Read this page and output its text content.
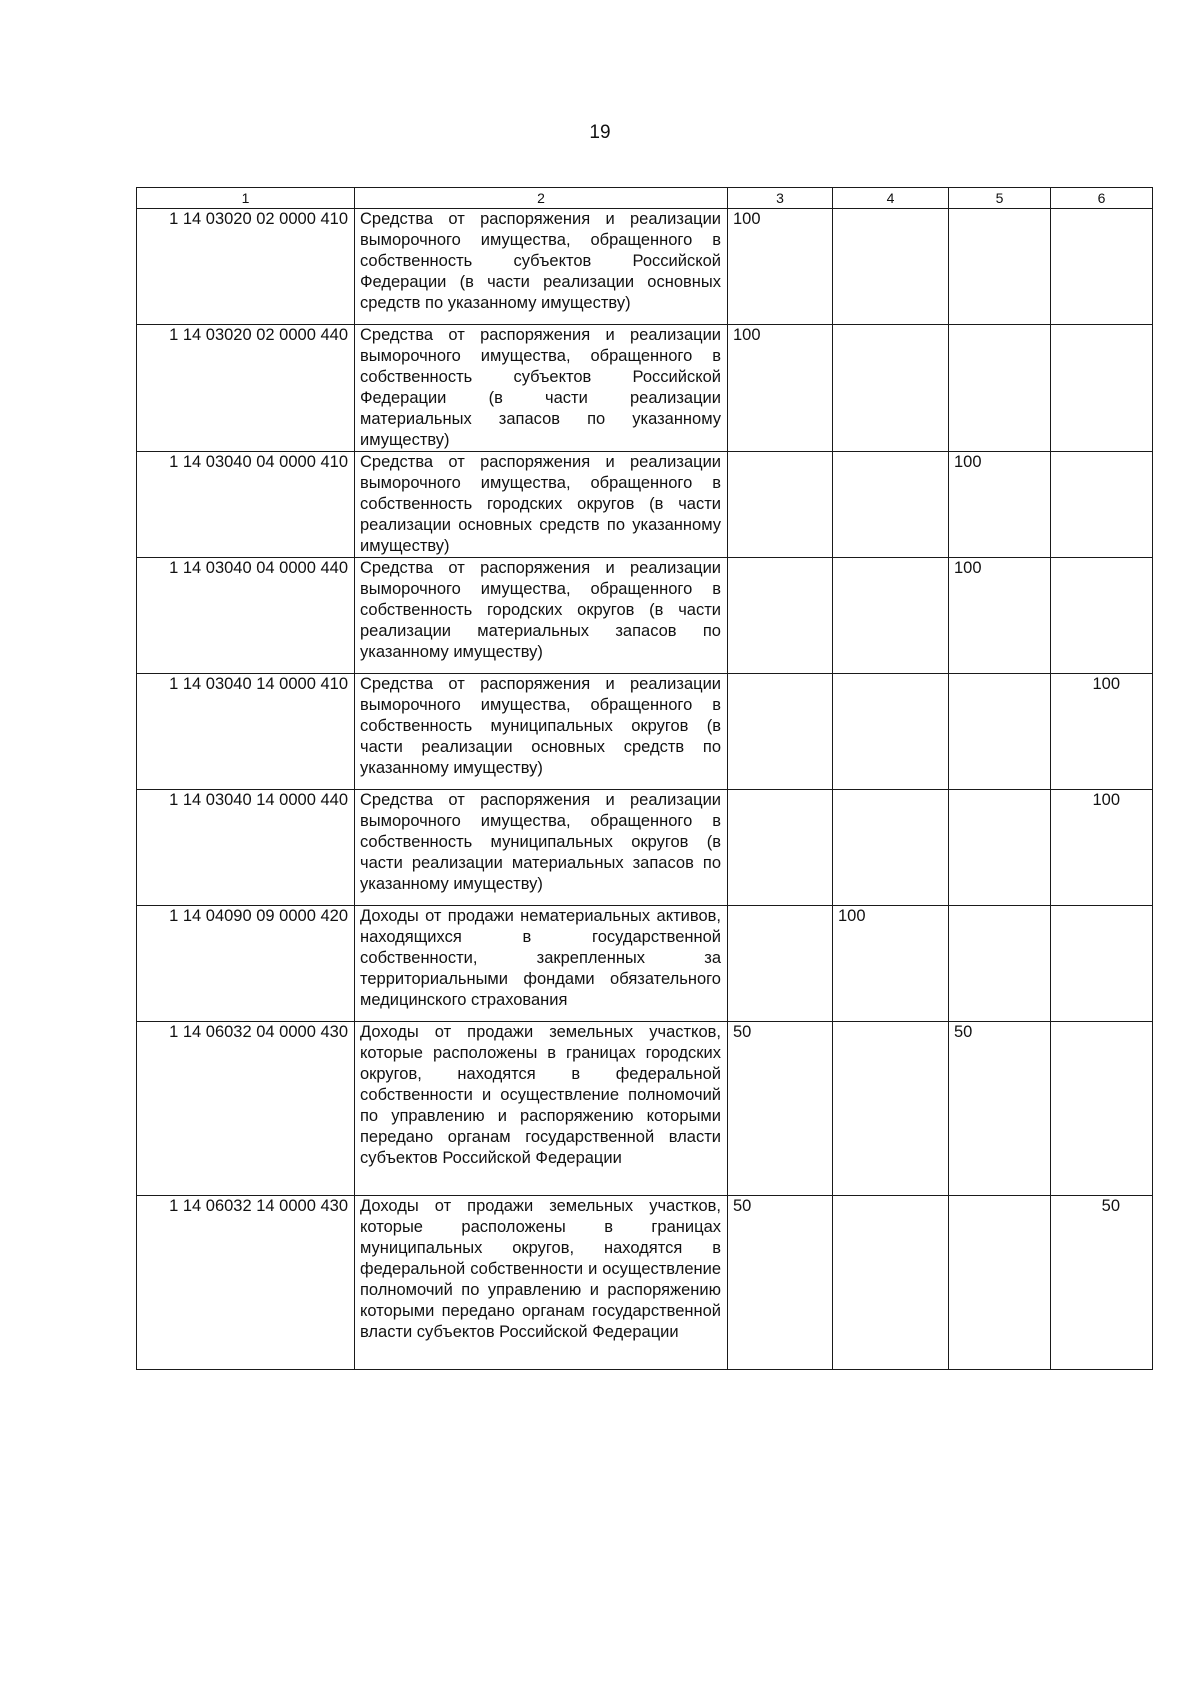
19
1	2	3	4	5	6
1 14 03020 02 0000 410	Средства от распоряжения и реализации выморочного имущества, обращенного в собственность субъектов Российской Федерации (в части реализации основных средств по указанному имуществу)	100			
1 14 03020 02 0000 440	Средства от распоряжения и реализации выморочного имущества, обращенного в собственность субъектов Российской Федерации (в части реализации материальных запасов по указанному имуществу)	100			
1 14 03040 04 0000 410	Средства от распоряжения и реализации выморочного имущества, обращенного в собственность городских округов (в части реализации основных средств по указанному имуществу)			100	
1 14 03040 04 0000 440	Средства от распоряжения и реализации выморочного имущества, обращенного в собственность городских округов (в части реализации материальных запасов по указанному имуществу)			100	
1 14 03040 14 0000 410	Средства от распоряжения и реализации выморочного имущества, обращенного в собственность муниципальных округов (в части реализации основных средств по указанному имуществу)				100
1 14 03040 14 0000 440	Средства от распоряжения и реализации выморочного имущества, обращенного в собственность муниципальных округов (в части реализации материальных запасов по указанному имуществу)				100
1 14 04090 09 0000 420	Доходы от продажи нематериальных активов, находящихся в государственной собственности, закрепленных за территориальными фондами обязательного медицинского страхования		100		
1 14 06032 04 0000 430	Доходы от продажи земельных участков, которые расположены в границах городских округов, находятся в федеральной собственности и осуществление полномочий по управлению и распоряжению которыми передано органам государственной власти субъектов Российской Федерации	50		50	
1 14 06032 14 0000 430	Доходы от продажи земельных участков, которые расположены в границах муниципальных округов, находятся в федеральной собственности и осуществление полномочий по управлению и распоряжению которыми передано органам государственной власти субъектов Российской Федерации	50			50
